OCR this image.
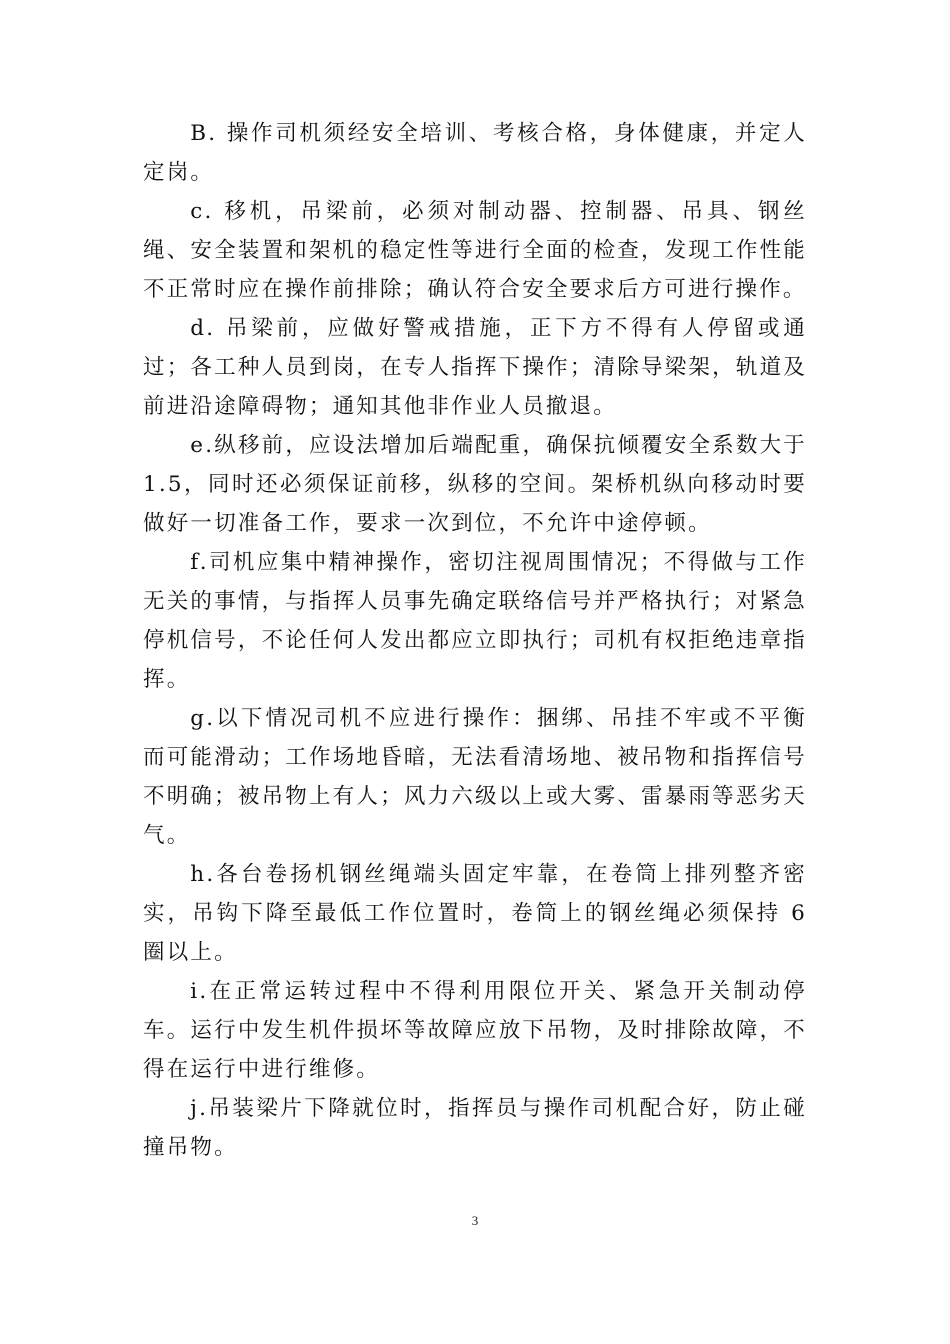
B. 操作司机须经安全培训、考核合格，身体健康，并定人定岗。

c. 移机，吊梁前，必须对制动器、控制器、吊具、钢丝绳、安全装置和架机的稳定性等进行全面的检查，发现工作性能不正常时应在操作前排除；确认符合安全要求后方可进行操作。

d. 吊梁前，应做好警戒措施，正下方不得有人停留或通过；各工种人员到岗，在专人指挥下操作；清除导梁架，轨道及前进沿途障碍物；通知其他非作业人员撤退。

e.纵移前，应设法增加后端配重，确保抗倾覆安全系数大于 1.5，同时还必须保证前移，纵移的空间。架桥机纵向移动时要做好一切准备工作，要求一次到位，不允许中途停顿。

f.司机应集中精神操作，密切注视周围情况；不得做与工作无关的事情，与指挥人员事先确定联络信号并严格执行；对紧急停机信号，不论任何人发出都应立即执行；司机有权拒绝违章指挥。

g.以下情况司机不应进行操作：捆绑、吊挂不牢或不平衡而可能滑动；工作场地昏暗，无法看清场地、被吊物和指挥信号不明确；被吊物上有人；风力六级以上或大雾、雷暴雨等恶劣天气。

h.各台卷扬机钢丝绳端头固定牢靠，在卷筒上排列整齐密实，吊钩下降至最低工作位置时，卷筒上的钢丝绳必须保持 6 圈以上。

i.在正常运转过程中不得利用限位开关、紧急开关制动停车。运行中发生机件损坏等故障应放下吊物，及时排除故障，不得在运行中进行维修。

j.吊装梁片下降就位时，指挥员与操作司机配合好，防止碰撞吊物。

3
